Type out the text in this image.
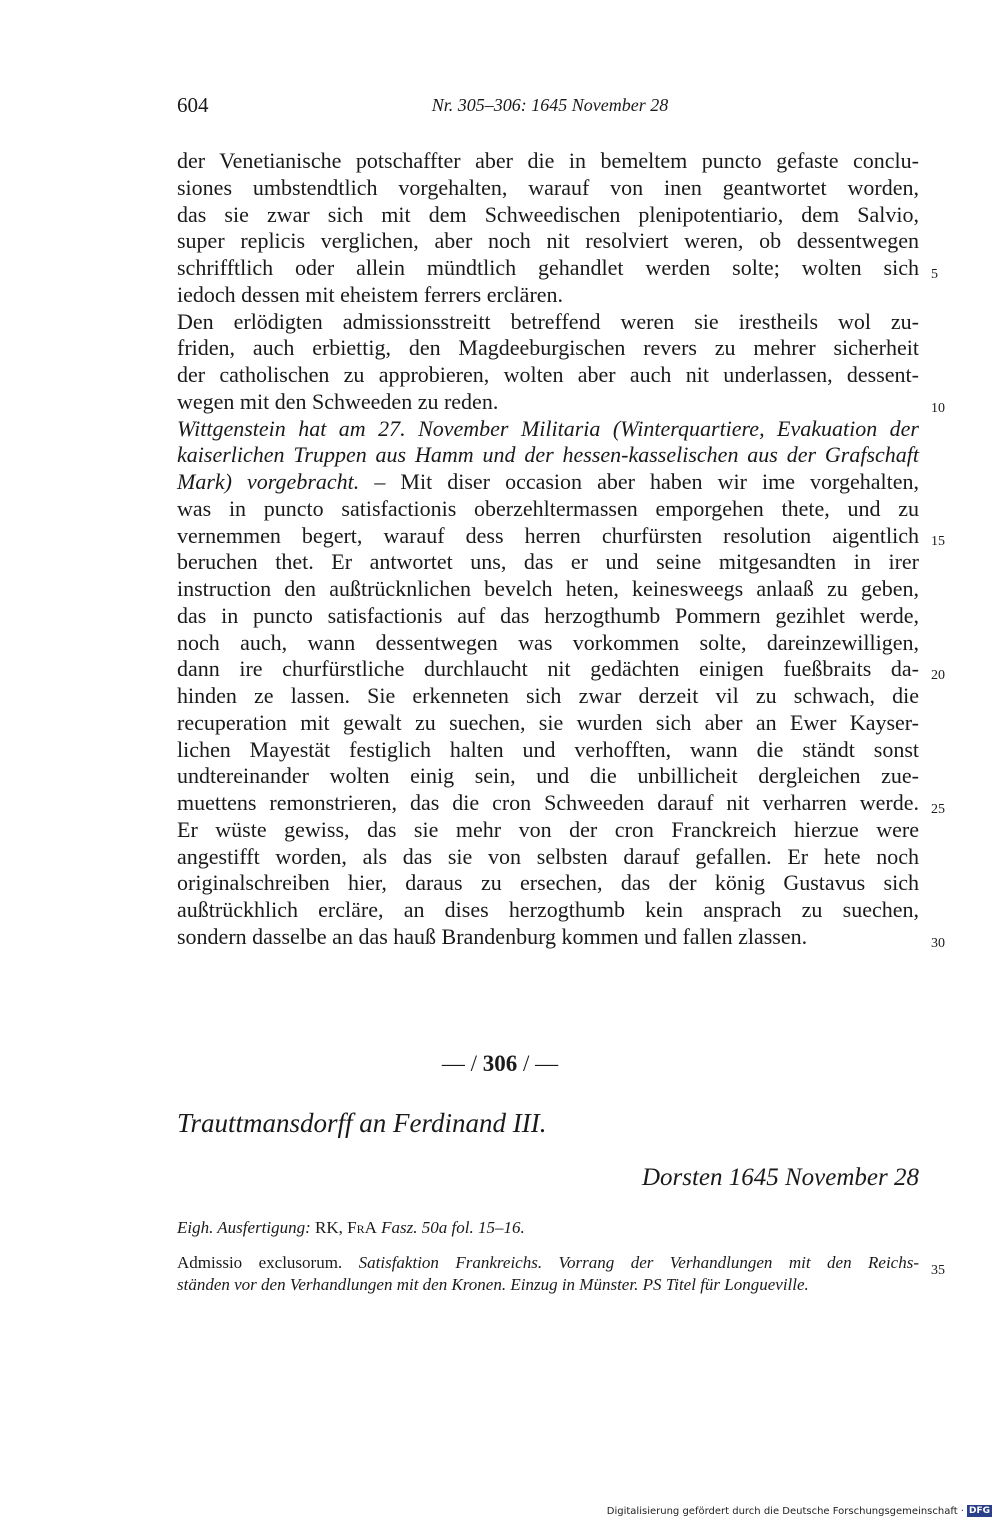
604	Nr. 305–306: 1645 November 28
der Venetianische potschaffter aber die in bemeltem puncto gefaste conclu-
siones umbstendtlich vorgehalten, warauf von inen geantwortet worden,
das sie zwar sich mit dem Schweedischen plenipotentiario, dem Salvio,
super replicis verglichen, aber noch nit resolviert weren, ob dessentwegen
schrifftlich oder allein mündtlich gehandlet werden solte; wolten sich
iedoch dessen mit eheistem ferrers erclären.
Den erlödigten admissionsstreitt betreffend weren sie irestheils wol zu-
friden, auch erbiettig, den Magdeeburgischen revers zu mehrer sicherheit
der catholischen zu approbieren, wolten aber auch nit underlassen, dessent-
wegen mit den Schweeden zu reden.
Wittgenstein hat am 27. November Militaria (Winterquartiere, Evakuation der
kaiserlichen Truppen aus Hamm und der hessen-kasselischen aus der Grafschaft
Mark) vorgebracht. – Mit diser occasion aber haben wir ime vorgehalten,
was in puncto satisfactionis oberzehltermassen emporgehen thete, und zu
vernemmen begert, warauf dess herren churfürsten resolution aigentlich
beruchen thet. Er antwortet uns, das er und seine mitgesandten in irer
instruction den außtrücknlichen bevelch heten, keinesweegs anlaaß zu geben,
das in puncto satisfactionis auf das herzogthumb Pommern gezihlet werde,
noch auch, wann dessentwegen was vorkommen solte, dareinzewilligen,
dann ire churfürstliche durchlaucht nit gedächten einigen fueßbraits da-
hinden ze lassen. Sie erkenneten sich zwar derzeit vil zu schwach, die
recuperation mit gewalt zu suechen, sie wurden sich aber an Ewer Kayser-
lichen Mayestät festiglich halten und verhofften, wann die ständt sonst
undtereinander wolten einig sein, und die unbillicheit dergleichen zue-
muettens remonstrieren, das die cron Schweeden darauf nit verharren werde.
Er wüste gewiss, das sie mehr von der cron Franckreich hierzue were
angestifft worden, als das sie von selbsten darauf gefallen. Er hete noch
originalschreiben hier, daraus zu ersechen, das der könig Gustavus sich
außtrückhlich ercläre, an dises herzogthumb kein ansprach zu suechen,
sondern dasselbe an das hauß Brandenburg kommen und fallen zlassen.
5
10
15
20
25
30
35
— / 306 / —
Trauttmansdorff an Ferdinand III.
Dorsten 1645 November 28
Eigh. Ausfertigung: RK, FrA Fasz. 50a fol. 15–16.
Admissio exclusorum. Satisfaktion Frankreichs. Vorrang der Verhandlungen mit den Reichs-
ständen vor den Verhandlungen mit den Kronen. Einzug in Münster. PS Titel für Longueville.
Digitalisierung gefördert durch die Deutsche Forschungsgemeinschaft · DFG
